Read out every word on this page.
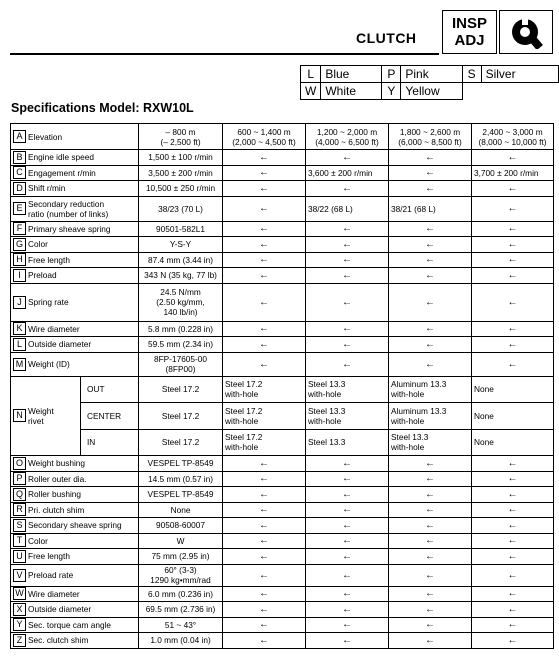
CLUTCH
INSP
ADJ
L	Blue	P	Pink	S	Silver
W	White	Y	Yellow		
Specifications Model: RXW10L
A Elevation		– 800 m
(– 2,500 ft)	600 ~ 1,400 m
(2,000 ~ 4,500 ft)	1,200 ~ 2,000 m
(4,000 ~ 6,500 ft)	1,800 ~ 2,600 m
(6,000 ~ 8,500 ft)	2,400 ~ 3,000 m
(8,000 ~ 10,000 ft)

B Engine idle speed		1,500 ± 100 r/min	←	←	←	←

C Engagement r/min		3,500 ± 200 r/min	←	3,600 ± 200 r/min	←	3,700 ± 200 r/min

D Shift r/min		10,500 ± 250 r/min	←	←	←	←

E Secondary reduction
ratio (number of links)		38/23 (70 L)	←	38/22 (68 L)	38/21 (68 L)	←

F Primary sheave spring		90501-582L1	←	←	←	←

G Color		Y-S-Y	←	←	←	←

H Free length		87.4 mm (3.44 in)	←	←	←	←

I Preload		343 N (35 kg, 77 lb)	←	←	←	←

J Spring rate		24.5 N/mm
(2.50 kg/mm,
140 lb/in)	←	←	←	←

K Wire diameter		5.8 mm (0.228 in)	←	←	←	←

L Outside diameter		59.5 mm (2.34 in)	←	←	←	←

M Weight (ID)		8FP-17605-00
(8FP00)	←	←	←	←

N Weight
rivet	OUT	Steel 17.2	Steel 17.2
with-hole	Steel 13.3
with-hole	Aluminum 13.3
with-hole	None
	CENTER	Steel 17.2	Steel 17.2
with-hole	Steel 13.3
with-hole	Aluminum 13.3
with-hole	None
	IN	Steel 17.2	Steel 17.2
with-hole	Steel 13.3	Steel 13.3
with-hole	None

O Weight bushing		VESPEL TP-8549	←	←	←	←

P Roller outer dia.		14.5 mm (0.57 in)	←	←	←	←

Q Roller bushing		VESPEL TP-8549	←	←	←	←

R Pri. clutch shim		None	←	←	←	←

S Secondary sheave spring		90508-60007	←	←	←	←

T Color		W	←	←	←	←

U Free length		75 mm (2.95 in)	←	←	←	←

V Preload rate		60° (3-3)
1290 kg•mm/rad	←	←	←	←

W Wire diameter		6.0 mm (0.236 in)	←	←	←	←

X Outside diameter		69.5 mm (2.736 in)	←	←	←	←

Y Sec. torque cam angle		51 ~ 43°	←	←	←	←

Z Sec. clutch shim		1.0 mm (0.04 in)	←	←	←	←
